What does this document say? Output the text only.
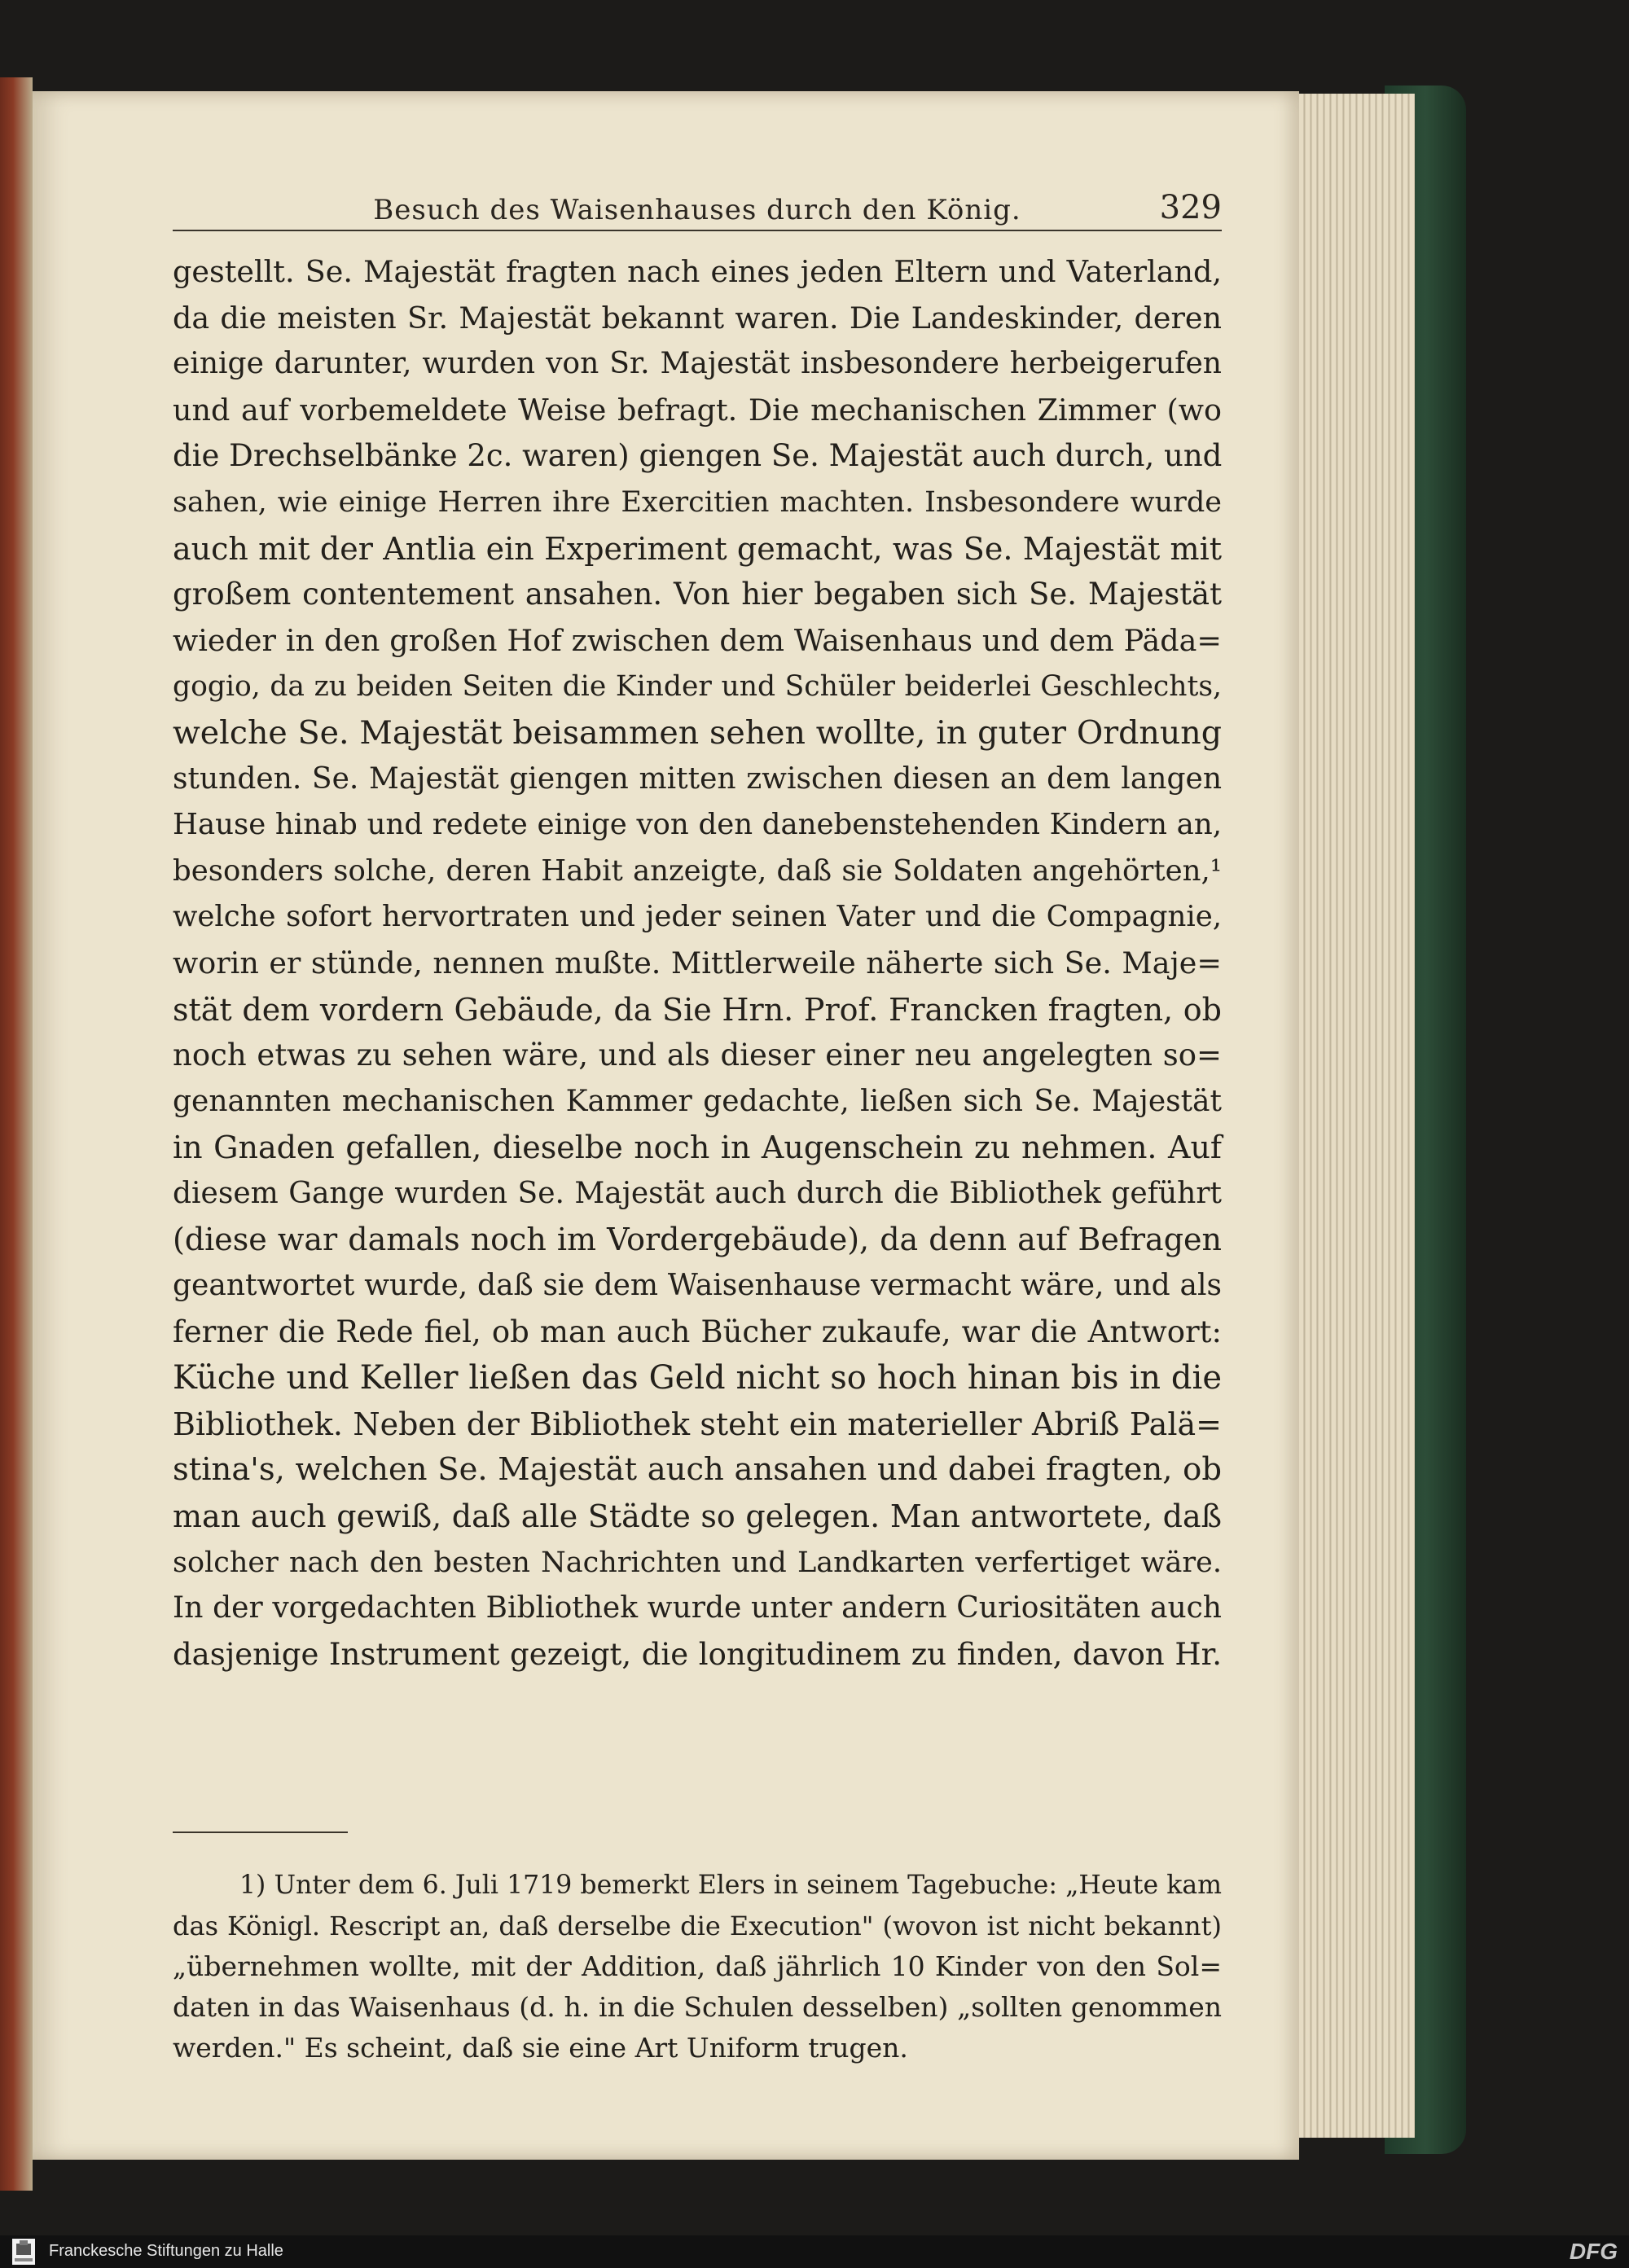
Besuch des Waisenhauses durch den König.	329
gestellt. Se. Majestät fragten nach eines jeden Eltern und Vaterland,
da die meisten Sr. Majestät bekannt waren. Die Landeskinder, deren
einige darunter, wurden von Sr. Majestät insbesondere herbeigerufen
und auf vorbemeldete Weise befragt. Die mechanischen Zimmer (wo
die Drechselbänke 2c. waren) giengen Se. Majestät auch durch, und
sahen, wie einige Herren ihre Exercitien machten. Insbesondere wurde
auch mit der Antlia ein Experiment gemacht, was Se. Majestät mit
großem contentement ansahen. Von hier begaben sich Se. Majestät
wieder in den großen Hof zwischen dem Waisenhaus und dem Päda=
gogio, da zu beiden Seiten die Kinder und Schüler beiderlei Geschlechts,
welche Se. Majestät beisammen sehen wollte, in guter Ordnung
stunden. Se. Majestät giengen mitten zwischen diesen an dem langen
Hause hinab und redete einige von den danebenstehenden Kindern an,
besonders solche, deren Habit anzeigte, daß sie Soldaten angehörten,¹
welche sofort hervortraten und jeder seinen Vater und die Compagnie,
worin er stünde, nennen mußte. Mittlerweile näherte sich Se. Maje=
stät dem vordern Gebäude, da Sie Hrn. Prof. Francken fragten, ob
noch etwas zu sehen wäre, und als dieser einer neu angelegten so=
genannten mechanischen Kammer gedachte, ließen sich Se. Majestät
in Gnaden gefallen, dieselbe noch in Augenschein zu nehmen. Auf
diesem Gange wurden Se. Majestät auch durch die Bibliothek geführt
(diese war damals noch im Vordergebäude), da denn auf Befragen
geantwortet wurde, daß sie dem Waisenhause vermacht wäre, und als
ferner die Rede fiel, ob man auch Bücher zukaufe, war die Antwort:
Küche und Keller ließen das Geld nicht so hoch hinan bis in die
Bibliothek. Neben der Bibliothek steht ein materieller Abriß Palä=
stina's, welchen Se. Majestät auch ansahen und dabei fragten, ob
man auch gewiß, daß alle Städte so gelegen. Man antwortete, daß
solcher nach den besten Nachrichten und Landkarten verfertiget wäre.
In der vorgedachten Bibliothek wurde unter andern Curiositäten auch
dasjenige Instrument gezeigt, die longitudinem zu finden, davon Hr.
1) Unter dem 6. Juli 1719 bemerkt Elers in seinem Tagebuche: „Heute kam
das Königl. Rescript an, daß derselbe die Execution" (wovon ist nicht bekannt)
„übernehmen wollte, mit der Addition, daß jährlich 10 Kinder von den Sol=
daten in das Waisenhaus (d. h. in die Schulen desselben) „sollten genommen
werden." Es scheint, daß sie eine Art Uniform trugen.
Franckesche Stiftungen zu Halle	DFG
